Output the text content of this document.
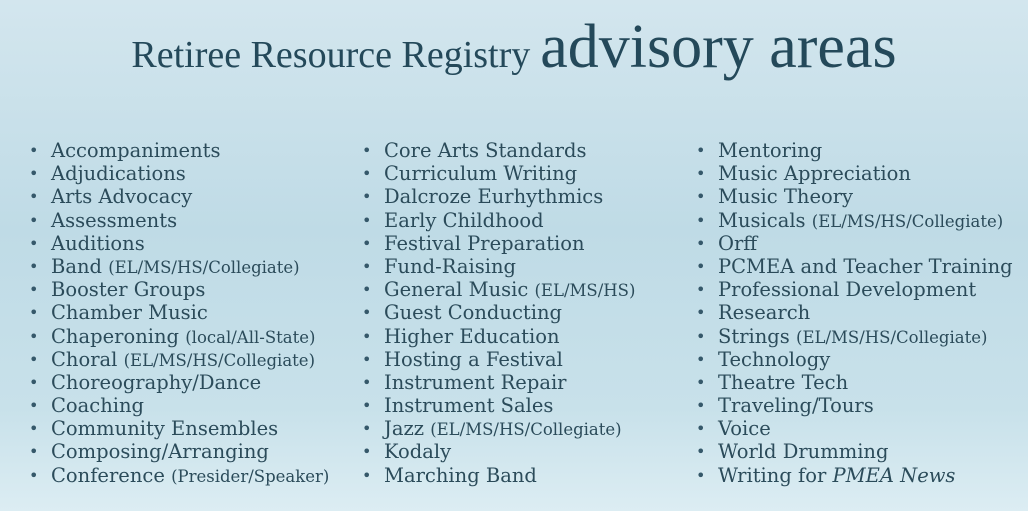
Retiree Resource Registry advisory areas
• Accompaniments
• Adjudications
• Arts Advocacy
• Assessments
• Auditions
• Band (EL/MS/HS/Collegiate)
• Booster Groups
• Chamber Music
• Chaperoning (local/All-State)
• Choral (EL/MS/HS/Collegiate)
• Choreography/Dance
• Coaching
• Community Ensembles
• Composing/Arranging
• Conference (Presider/Speaker)
• Core Arts Standards
• Curriculum Writing
• Dalcroze Eurhythmics
• Early Childhood
• Festival Preparation
• Fund-Raising
• General Music (EL/MS/HS)
• Guest Conducting
• Higher Education
• Hosting a Festival
• Instrument Repair
• Instrument Sales
• Jazz (EL/MS/HS/Collegiate)
• Kodaly
• Marching Band
• Mentoring
• Music Appreciation
• Music Theory
• Musicals (EL/MS/HS/Collegiate)
• Orff
• PCMEA and Teacher Training
• Professional Development
• Research
• Strings (EL/MS/HS/Collegiate)
• Technology
• Theatre Tech
• Traveling/Tours
• Voice
• World Drumming
• Writing for PMEA News
